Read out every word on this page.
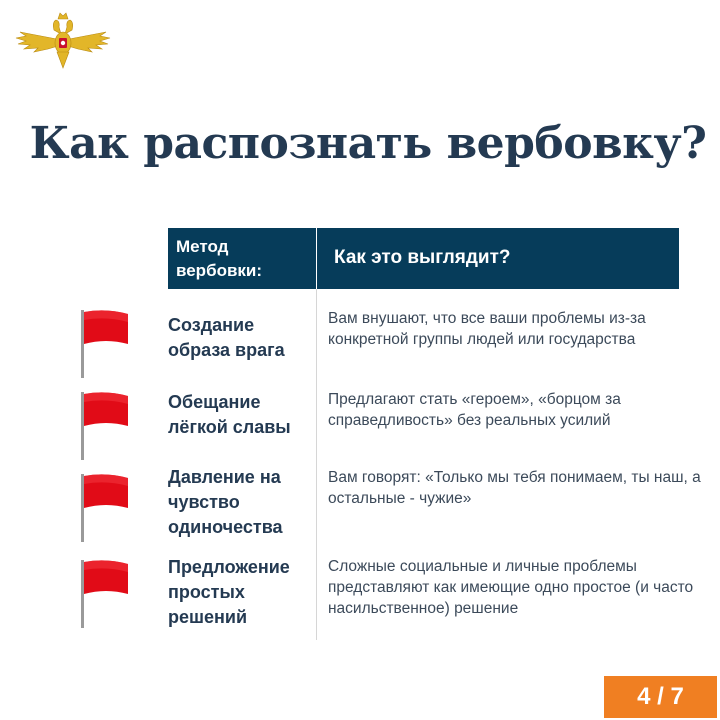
Как распознать вербовку?
Метод вербовки:
Как это выглядит?
Создание образа врага
Вам внушают, что все ваши проблемы из-за конкретной группы людей или государства
Обещание лёгкой славы
Предлагают стать «героем», «борцом за справедливость» без реальных усилий
Давление на чувство одиночества
Вам говорят: «Только мы тебя понимаем, ты наш, а остальные - чужие»
Предложение простых решений
Сложные социальные и личные проблемы представляют как имеющие одно простое (и часто насильственное) решение
4 / 7
